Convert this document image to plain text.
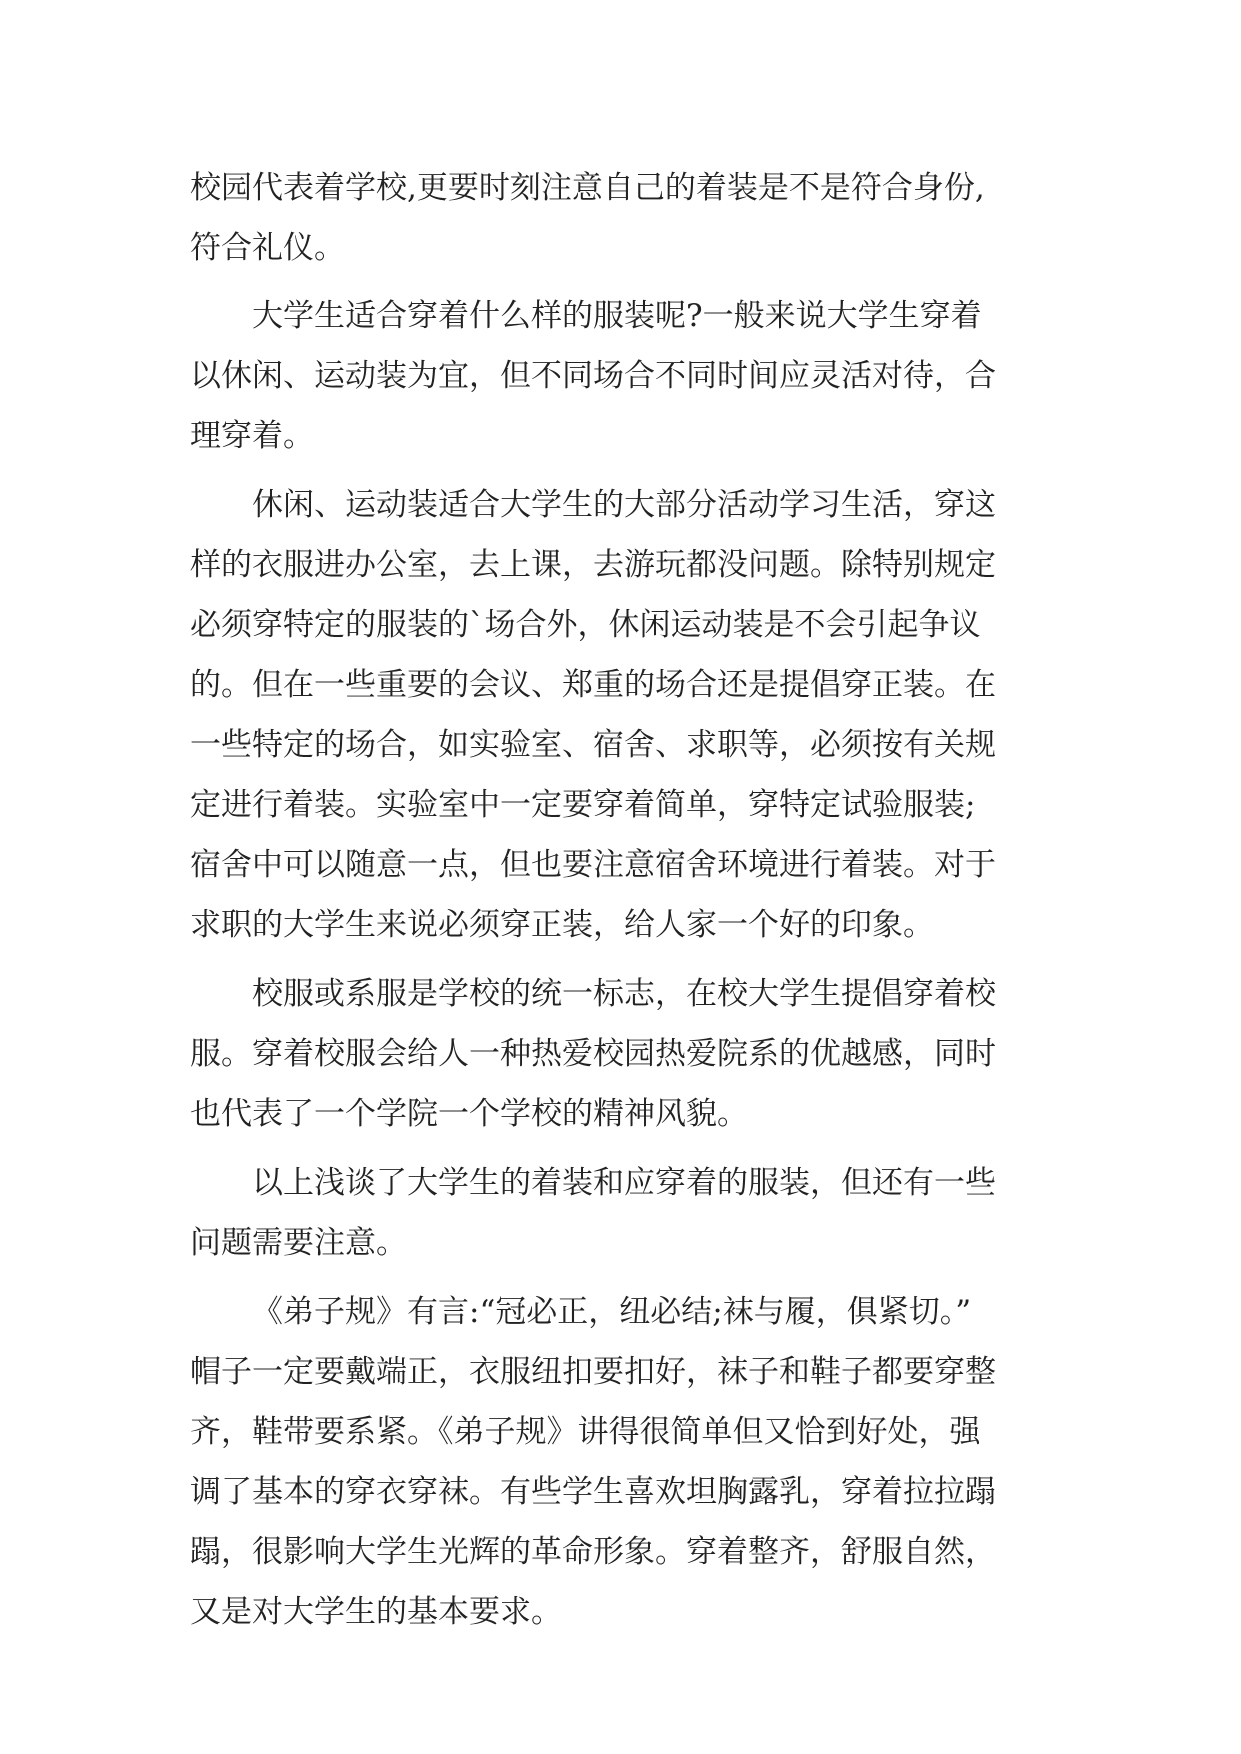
校园代表着学校,更要时刻注意自己的着装是不是符合身份,
符合礼仪。
大学生适合穿着什么样的服装呢?一般来说大学生穿着
以休闲、运动装为宜，但不同场合不同时间应灵活对待，合
理穿着。
休闲、运动装适合大学生的大部分活动学习生活，穿这
样的衣服进办公室，去上课，去游玩都没问题。除特别规定
必须穿特定的服装的`场合外，休闲运动装是不会引起争议
的。但在一些重要的会议、郑重的场合还是提倡穿正装。在
一些特定的场合，如实验室、宿舍、求职等，必须按有关规
定进行着装。实验室中一定要穿着简单，穿特定试验服装;
宿舍中可以随意一点，但也要注意宿舍环境进行着装。对于
求职的大学生来说必须穿正装，给人家一个好的印象。
校服或系服是学校的统一标志，在校大学生提倡穿着校
服。穿着校服会给人一种热爱校园热爱院系的优越感，同时
也代表了一个学院一个学校的精神风貌。
以上浅谈了大学生的着装和应穿着的服装，但还有一些
问题需要注意。
《弟子规》有言:“冠必正，纽必结;袜与履，俱紧切。”
帽子一定要戴端正，衣服纽扣要扣好，袜子和鞋子都要穿整
齐，鞋带要系紧。《弟子规》讲得很简单但又恰到好处，强
调了基本的穿衣穿袜。有些学生喜欢坦胸露乳，穿着拉拉蹋
蹋，很影响大学生光辉的革命形象。穿着整齐，舒服自然，
又是对大学生的基本要求。
